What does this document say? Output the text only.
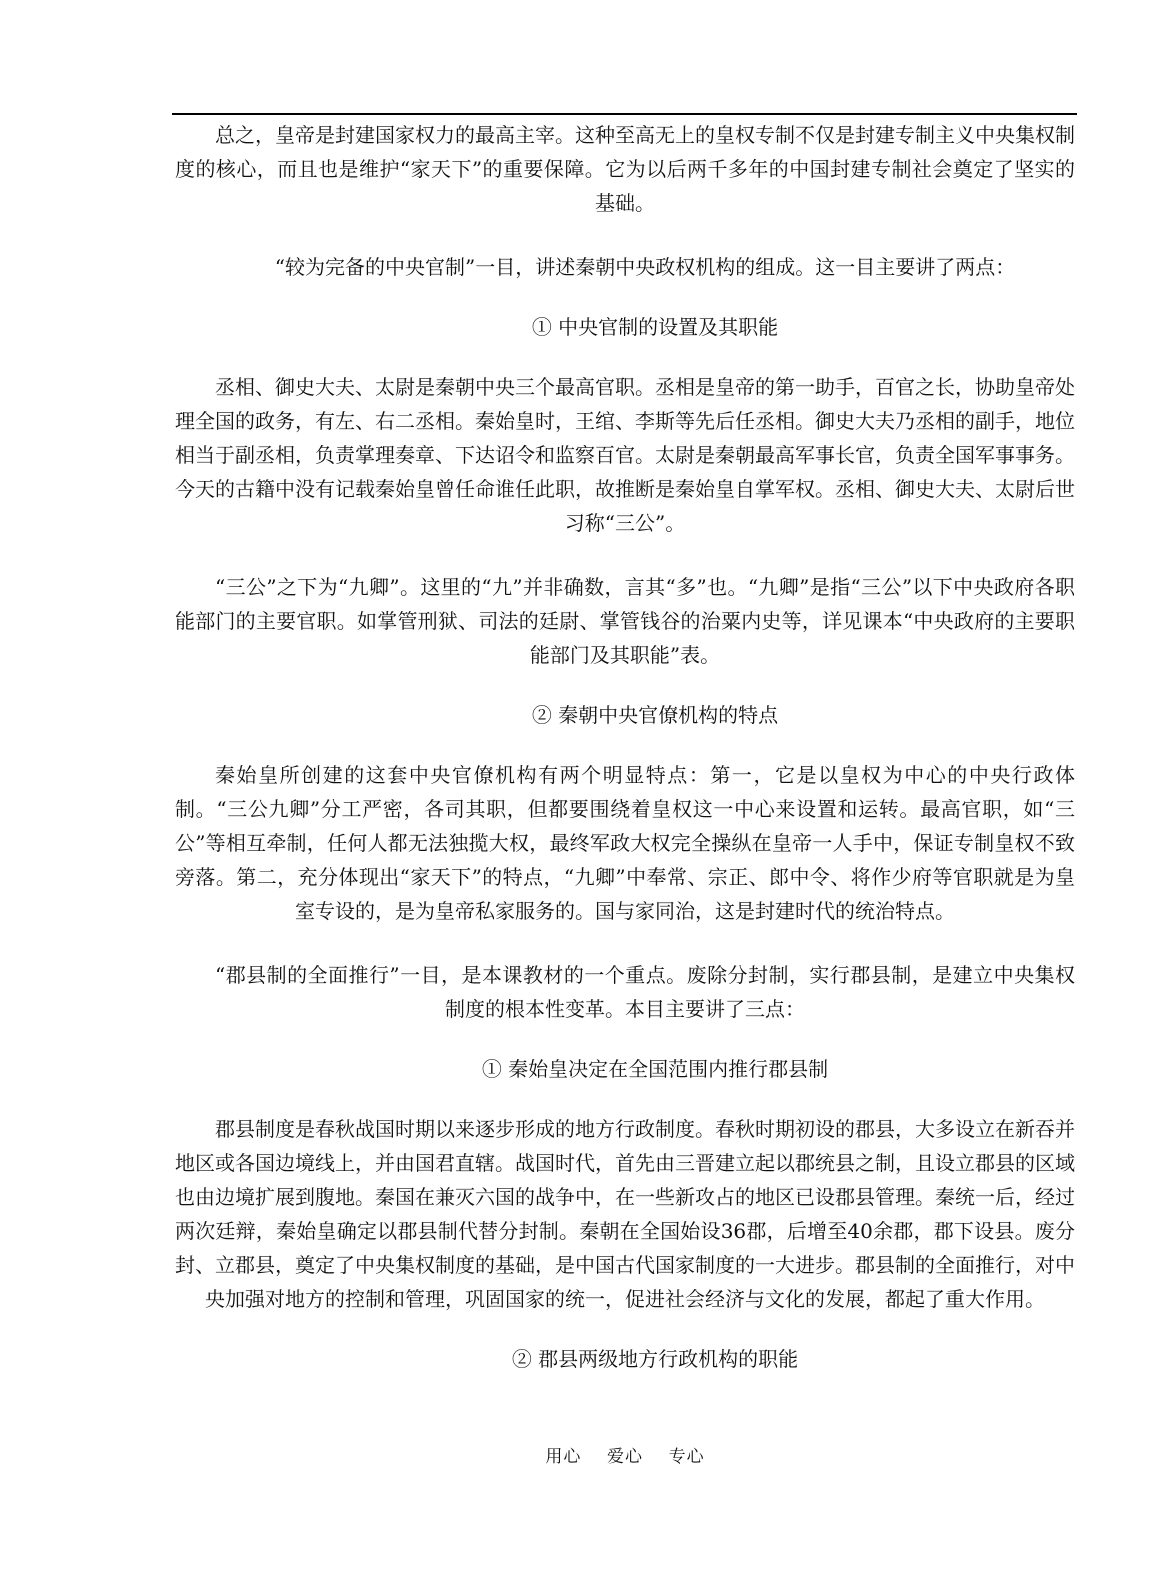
总之，皇帝是封建国家权力的最高主宰。这种至高无上的皇权专制不仅是封建专制主义中央集权制度的核心，而且也是维护“家天下”的重要保障。它为以后两千多年的中国封建专制社会奠定了坚实的基础。

“较为完备的中央官制”一目，讲述秦朝中央政权机构的组成。这一目主要讲了两点：

① 中央官制的设置及其职能

丞相、御史大夫、太尉是秦朝中央三个最高官职。丞相是皇帝的第一助手，百官之长，协助皇帝处理全国的政务，有左、右二丞相。秦始皇时，王绾、李斯等先后任丞相。御史大夫乃丞相的副手，地位相当于副丞相，负责掌理奏章、下达诏令和监察百官。太尉是秦朝最高军事长官，负责全国军事事务。今天的古籍中没有记载秦始皇曾任命谁任此职，故推断是秦始皇自掌军权。丞相、御史大夫、太尉后世习称“三公”。

“三公”之下为“九卿”。这里的“九”并非确数，言其“多”也。“九卿”是指“三公”以下中央政府各职能部门的主要官职。如掌管刑狱、司法的廷尉、掌管钱谷的治粟内史等，详见课本“中央政府的主要职能部门及其职能”表。

② 秦朝中央官僚机构的特点

秦始皇所创建的这套中央官僚机构有两个明显特点：第一，它是以皇权为中心的中央行政体制。“三公九卿”分工严密，各司其职，但都要围绕着皇权这一中心来设置和运转。最高官职，如“三公”等相互牵制，任何人都无法独揽大权，最终军政大权完全操纵在皇帝一人手中，保证专制皇权不致旁落。第二，充分体现出“家天下”的特点，“九卿”中奉常、宗正、郎中令、将作少府等官职就是为皇室专设的，是为皇帝私家服务的。国与家同治，这是封建时代的统治特点。

“郡县制的全面推行”一目，是本课教材的一个重点。废除分封制，实行郡县制，是建立中央集权制度的根本性变革。本目主要讲了三点：

① 秦始皇决定在全国范围内推行郡县制

郡县制度是春秋战国时期以来逐步形成的地方行政制度。春秋时期初设的郡县，大多设立在新吞并地区或各国边境线上，并由国君直辖。战国时代，首先由三晋建立起以郡统县之制，且设立郡县的区域也由边境扩展到腹地。秦国在兼灭六国的战争中，在一些新攻占的地区已设郡县管理。秦统一后，经过两次廷辩，秦始皇确定以郡县制代替分封制。秦朝在全国始设36郡，后增至40余郡，郡下设县。废分封、立郡县，奠定了中央集权制度的基础，是中国古代国家制度的一大进步。郡县制的全面推行，对中央加强对地方的控制和管理，巩固国家的统一，促进社会经济与文化的发展，都起了重大作用。

② 郡县两级地方行政机构的职能

用心    爱心    专心
